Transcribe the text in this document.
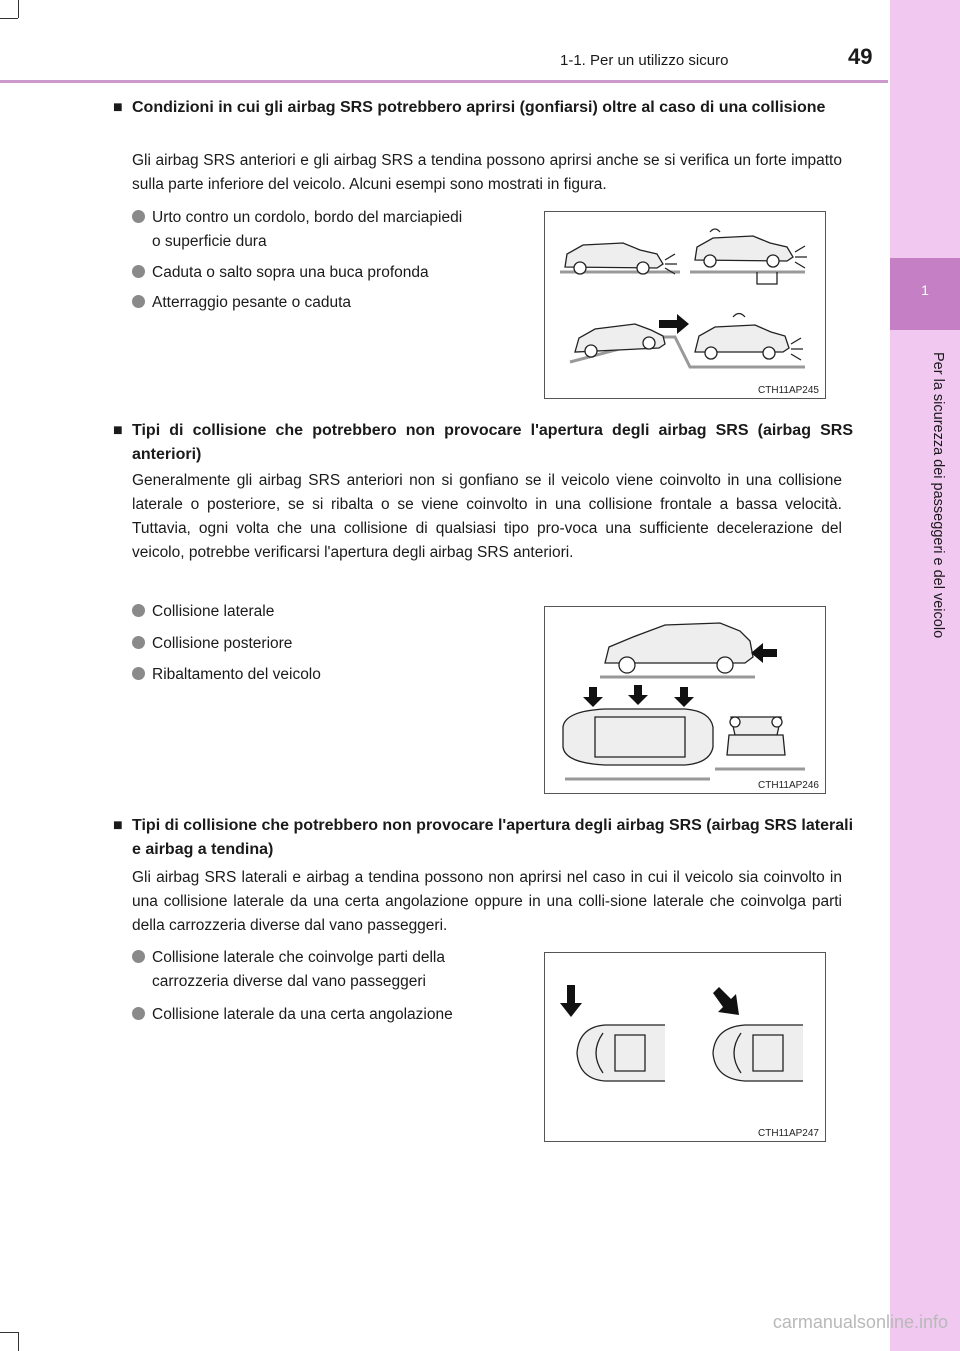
1-1. Per un utilizzo sicuro	49
1
Per la sicurezza dei passeggeri e del veicolo
■ Condizioni in cui gli airbag SRS potrebbero aprirsi (gonfiarsi) oltre al caso di una collisione
Gli airbag SRS anteriori e gli airbag SRS a tendina possono aprirsi anche se si verifica un forte impatto sulla parte inferiore del veicolo. Alcuni esempi sono mostrati in figura.
Urto contro un cordolo, bordo del marciapiedi
o superficie dura
Caduta o salto sopra una buca profonda
Atterraggio pesante o caduta
CTH11AP245
■ Tipi di collisione che potrebbero non provocare l'apertura degli airbag SRS (airbag SRS anteriori)
Generalmente gli airbag SRS anteriori non si gonfiano se il veicolo viene coinvolto in una collisione laterale o posteriore, se si ribalta o se viene coinvolto in una collisione frontale a bassa velocità. Tuttavia, ogni volta che una collisione di qualsiasi tipo pro-voca una sufficiente decelerazione del veicolo, potrebbe verificarsi l'apertura degli airbag SRS anteriori.
Collisione laterale
Collisione posteriore
Ribaltamento del veicolo
CTH11AP246
■ Tipi di collisione che potrebbero non provocare l'apertura degli airbag SRS (airbag SRS laterali e airbag a tendina)
Gli airbag SRS laterali e airbag a tendina possono non aprirsi nel caso in cui il veicolo sia coinvolto in una collisione laterale da una certa angolazione oppure in una colli-sione laterale che coinvolga parti della carrozzeria diverse dal vano passeggeri.
Collisione laterale che coinvolge parti della
carrozzeria diverse dal vano passeggeri
Collisione laterale da una certa angolazione
CTH11AP247
carmanualsonline.info
